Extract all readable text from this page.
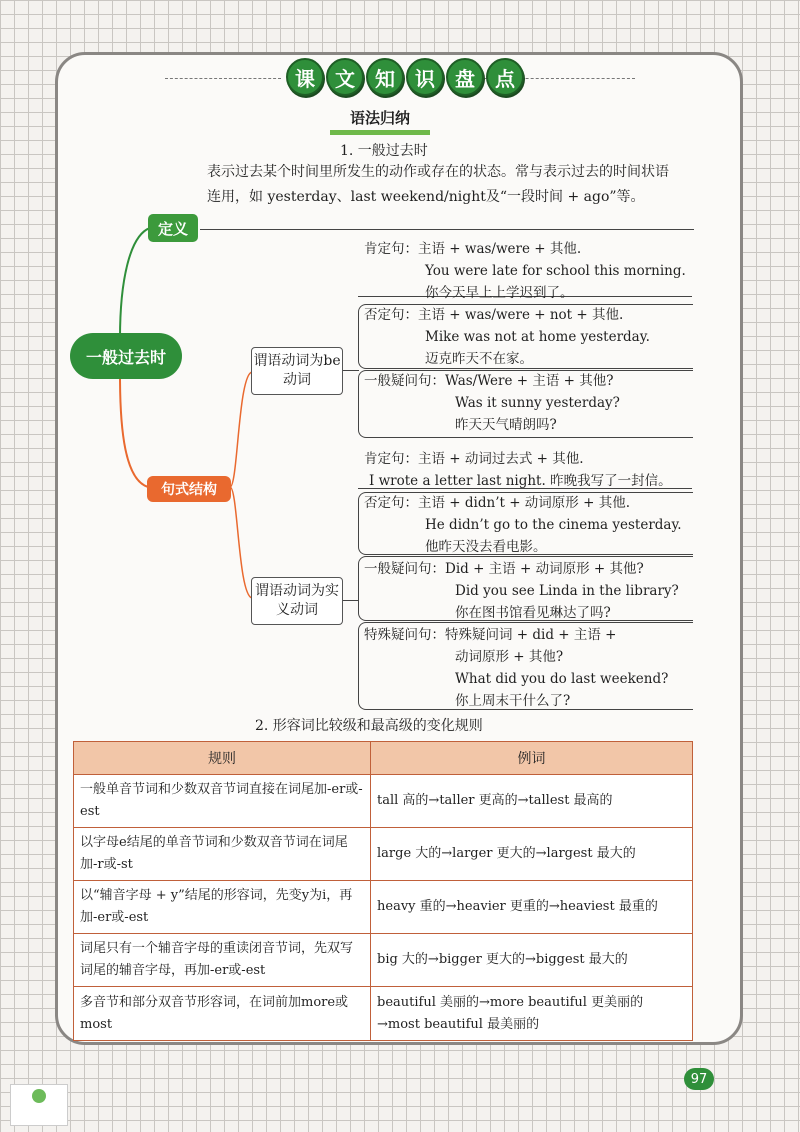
课	文	知	识	盘	点
语法归纳
1. 一般过去时
定义
表示过去某个时间里所发生的动作或存在的状态。常与表示过去的时间状语连用，如 yesterday、last weekend/night及“一段时间 + ago”等。
一般过去时
句式结构
谓语动词为be动词
谓语动词为实义动词
肯定句：主语 + was/were + 其他.
You were late for school this morning.
你今天早上上学迟到了。
否定句：主语 + was/were + not + 其他.
Mike was not at home yesterday.
迈克昨天不在家。
一般疑问句：Was/Were + 主语 + 其他?
Was it sunny yesterday?
昨天天气晴朗吗?
肯定句：主语 + 动词过去式 + 其他.
I wrote a letter last night. 昨晚我写了一封信。
否定句：主语 + didn’t + 动词原形 + 其他.
He didn’t go to the cinema yesterday.
他昨天没去看电影。
一般疑问句：Did + 主语 + 动词原形 + 其他?
Did you see Linda in the library?
你在图书馆看见琳达了吗?
特殊疑问句：特殊疑问词 + did + 主语 +
动词原形 + 其他?
What did you do last weekend?
你上周末干什么了?
2. 形容词比较级和最高级的变化规则
规则	例词
一般单音节词和少数双音节词直接在词尾加-er或-est	tall 高的→taller 更高的→tallest 最高的
以字母e结尾的单音节词和少数双音节词在词尾加-r或-st	large 大的→larger 更大的→largest 最大的
以“辅音字母 + y”结尾的形容词，先变y为i，再加-er或-est	heavy 重的→heavier 更重的→heaviest 最重的
词尾只有一个辅音字母的重读闭音节词，先双写词尾的辅音字母，再加-er或-est	big 大的→bigger 更大的→biggest 最大的
多音节和部分双音节形容词，在词前加more或most	beautiful 美丽的→more beautiful 更美丽的→most beautiful 最美丽的
97
